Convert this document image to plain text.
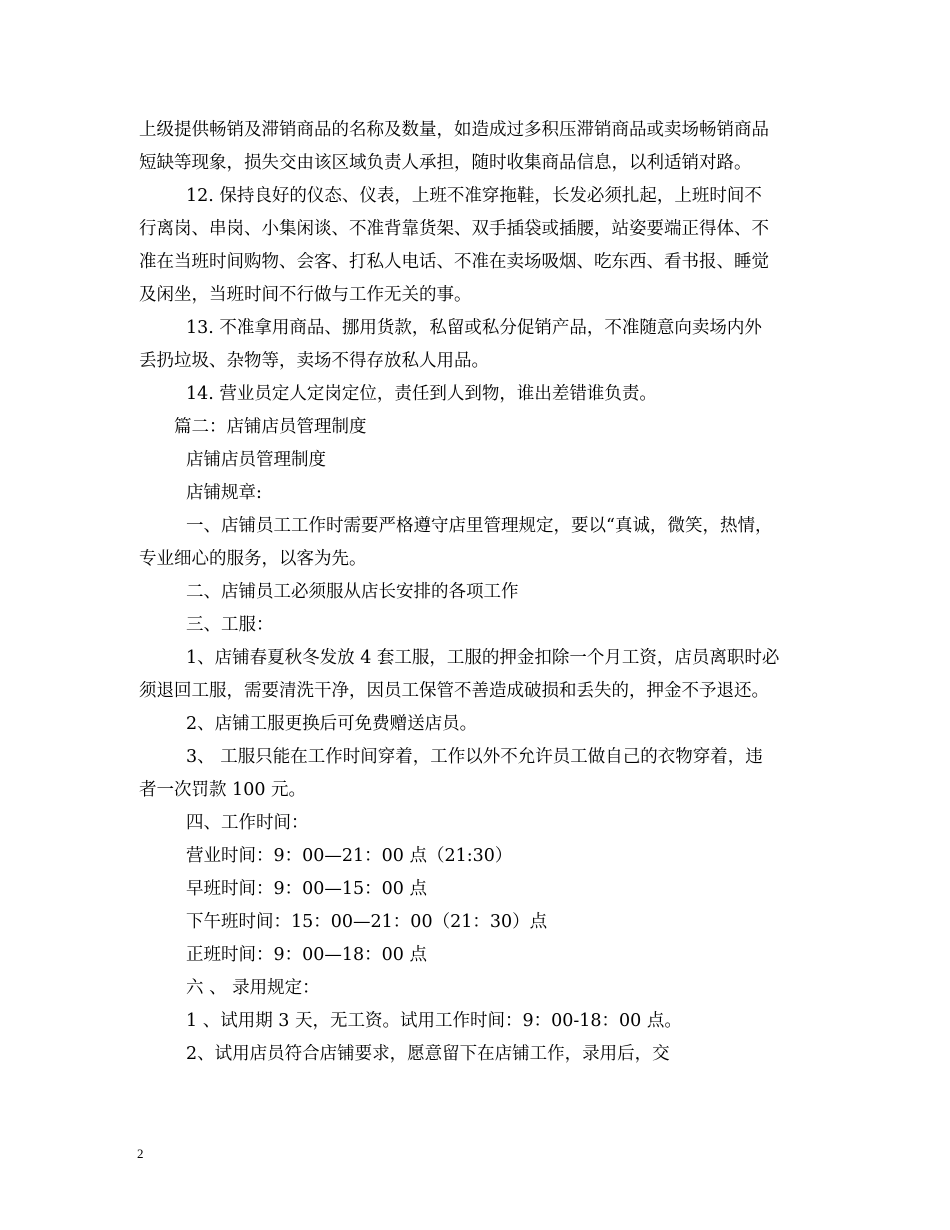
上级提供畅销及滞销商品的名称及数量，如造成过多积压滞销商品或卖场畅销商品

短缺等现象，损失交由该区域负责人承担，随时收集商品信息，以利适销对路。

12. 保持良好的仪态、仪表，上班不准穿拖鞋，长发必须扎起，上班时间不

行离岗、串岗、小集闲谈、不准背靠货架、双手插袋或插腰，站姿要端正得体、不

准在当班时间购物、会客、打私人电话、不准在卖场吸烟、吃东西、看书报、睡觉

及闲坐，当班时间不行做与工作无关的事。

13. 不准拿用商品、挪用货款，私留或私分促销产品，不准随意向卖场内外

丢扔垃圾、杂物等，卖场不得存放私人用品。

14. 营业员定人定岗定位，责任到人到物，谁出差错谁负责。

篇二：店铺店员管理制度

店铺店员管理制度

店铺规章:

一、店铺员工工作时需要严格遵守店里管理规定，要以“真诚，微笑，热情，

专业细心的服务，以客为先。

二、店铺员工必须服从店长安排的各项工作

三、工服：

1、店铺春夏秋冬发放 4 套工服，工服的押金扣除一个月工资，店员离职时必

须退回工服，需要清洗干净，因员工保管不善造成破损和丢失的，押金不予退还。

2、店铺工服更换后可免费赠送店员。

3、 工服只能在工作时间穿着，工作以外不允许员工做自己的衣物穿着，违

者一次罚款 100 元。

四、工作时间：

营业时间：9：00—21：00 点（21:30）

早班时间：9：00—15：00 点

下午班时间：15：00—21：00（21：30）点

正班时间：9：00—18：00 点

六 、 录用规定：

1 、试用期 3 天，无工资。试用工作时间：9：00-18：00 点。

2、试用店员符合店铺要求，愿意留下在店铺工作，录用后，交

2
